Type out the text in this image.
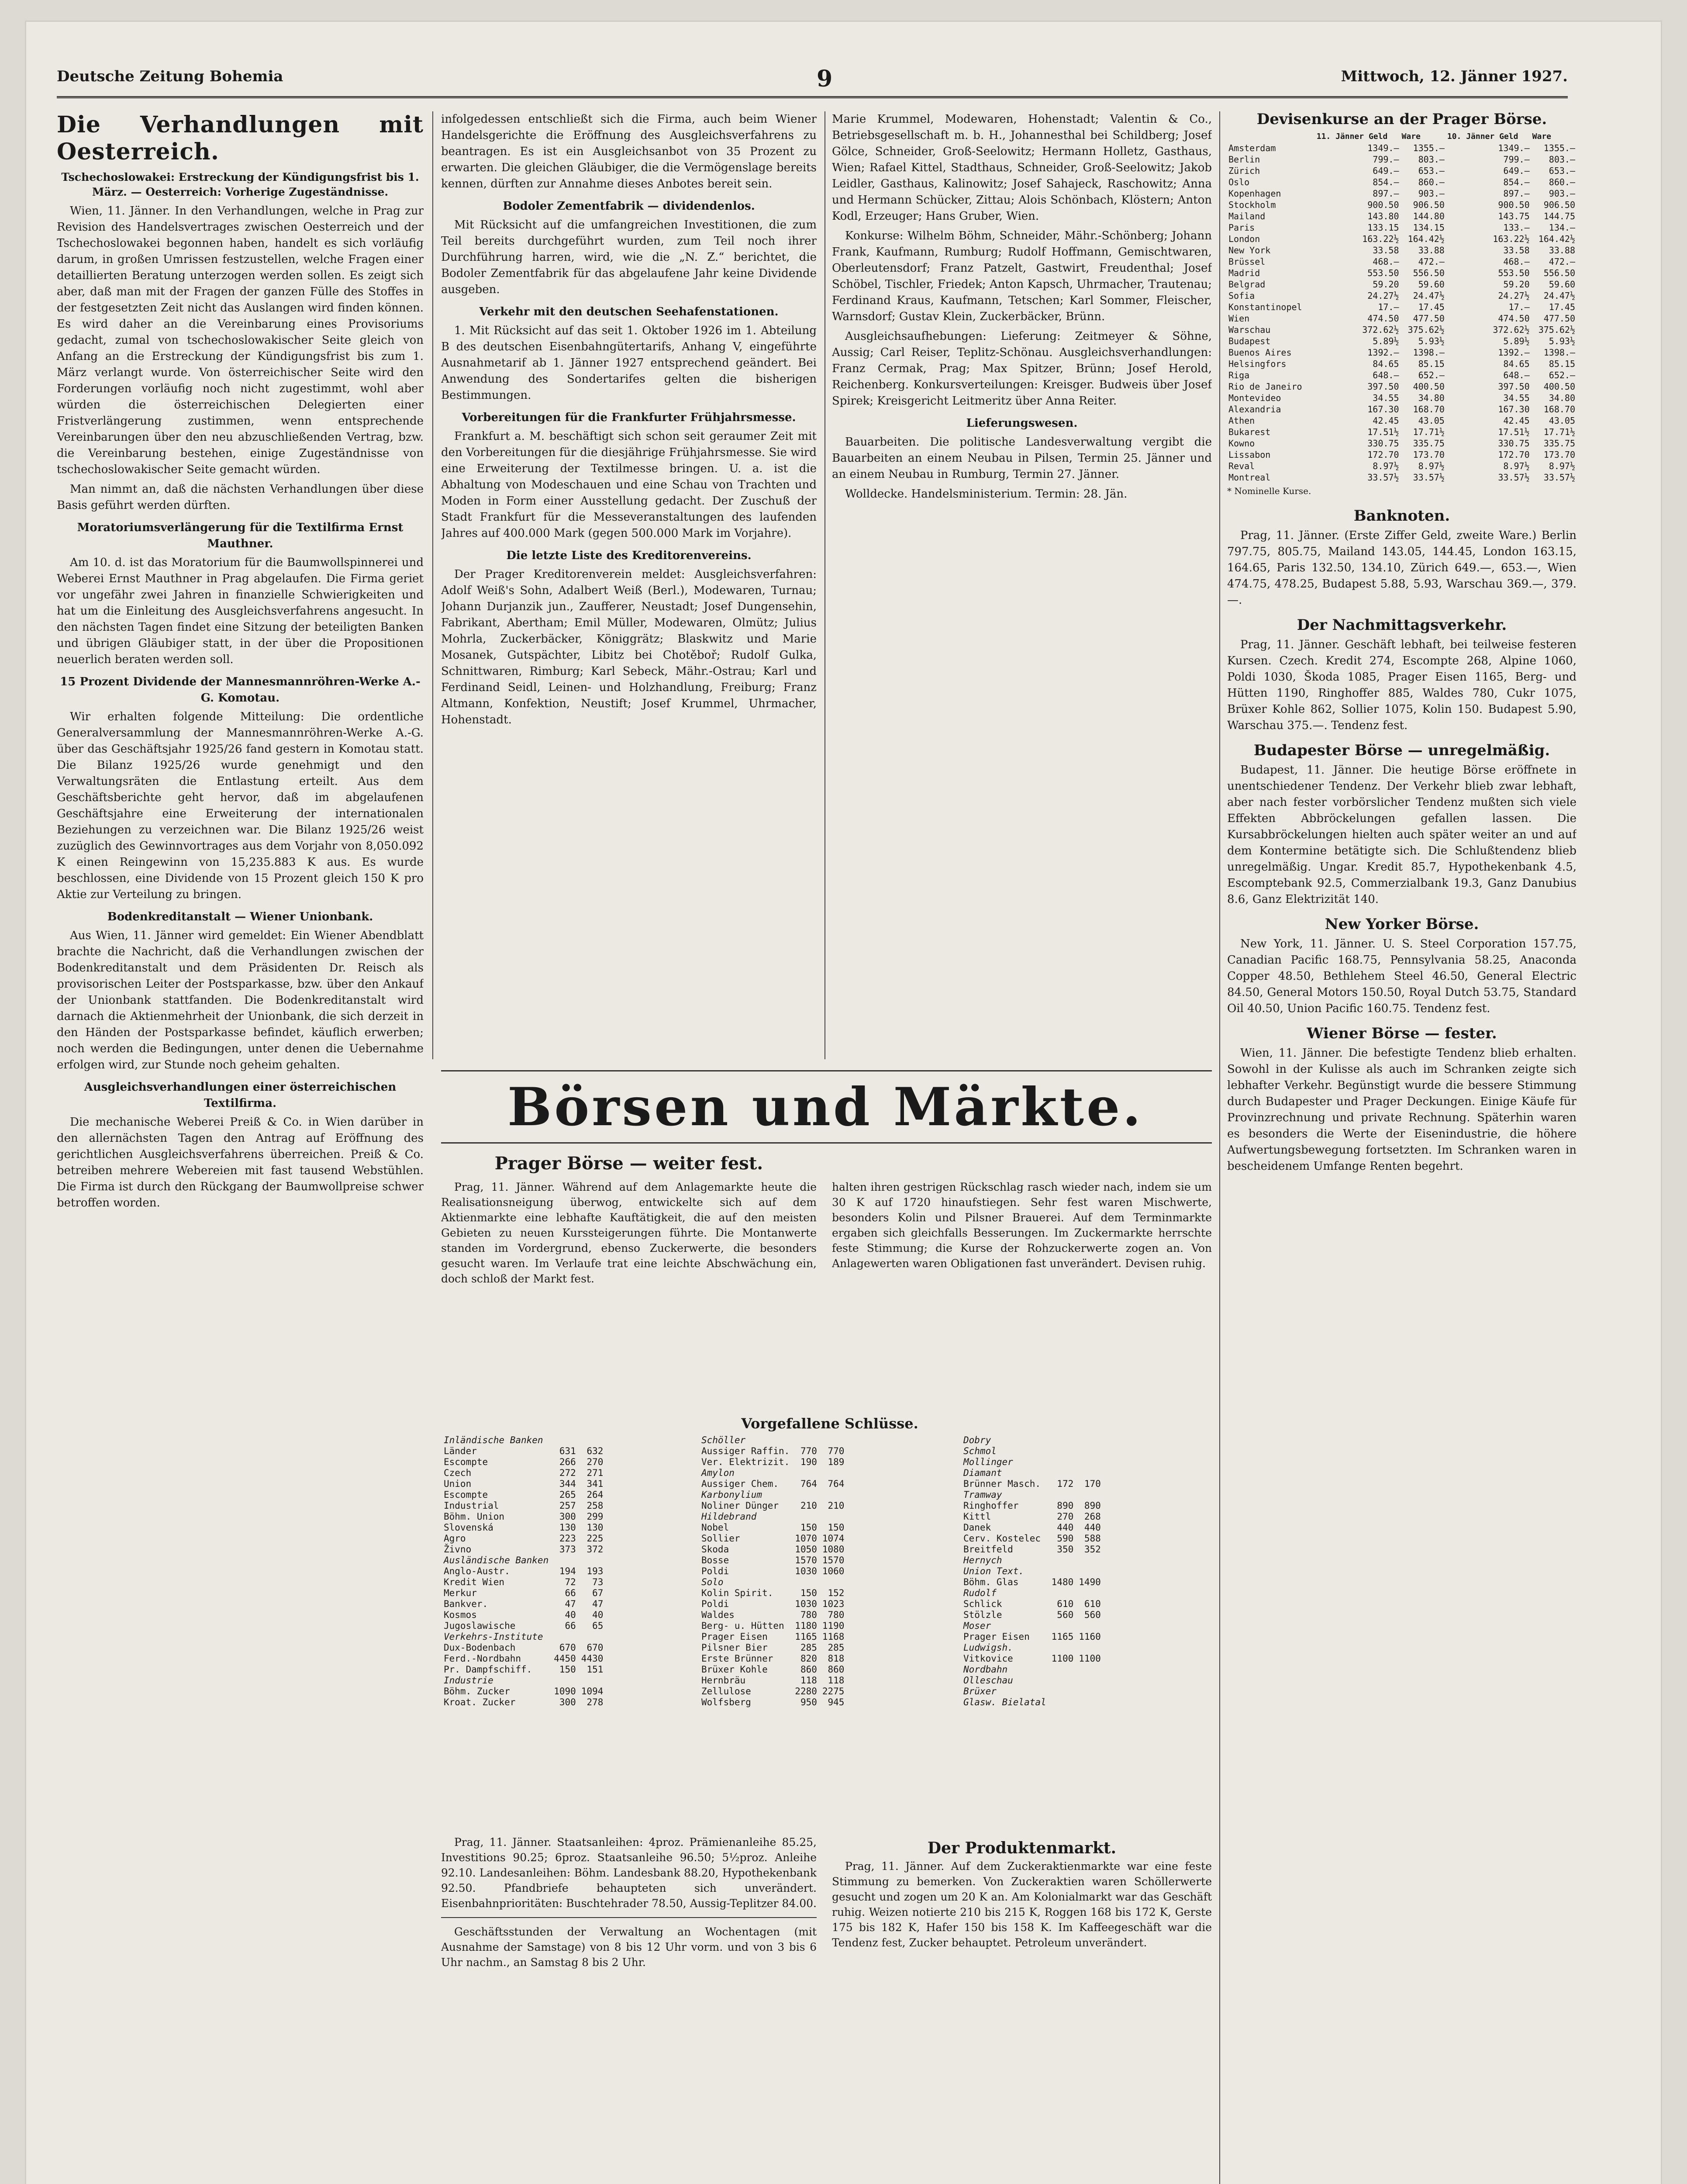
Deutsche Zeitung Bohemia	9	Mittwoch, 12. Jänner 1927.
Die Verhandlungen mit Oesterreich.
Tschechoslowakei: Erstreckung der Kündigungsfrist bis 1. März. — Oesterreich: Vorherige Zugeständnisse.

Wien, 11. Jänner. In den Verhandlungen, welche in Prag zur Revision des Handelsvertrages zwischen Oesterreich und der Tschechoslowakei begonnen haben, handelt es sich vorläufig darum, in großen Umrissen festzustellen, welche Fragen einer detaillierten Beratung unterzogen werden sollen. Es zeigt sich aber, daß man mit der Fragen der ganzen Fülle des Stoffes in der festgesetzten Zeit nicht das Auslangen wird finden können. Es wird daher an die Vereinbarung eines Provisoriums gedacht, zumal von tschechoslowakischer Seite gleich von Anfang an die Erstreckung der Kündigungsfrist bis zum 1. März verlangt wurde. Von österreichischer Seite wird den Forderungen vorläufig noch nicht zugestimmt, wohl aber würden die österreichischen Delegierten einer Fristverlängerung zustimmen, wenn entsprechende Vereinbarungen über den neu abzuschließenden Vertrag, bzw. die Vereinbarung bestehen, einige Zugeständnisse von tschechoslowakischer Seite gemacht würden.

Man nimmt an, daß die nächsten Verhandlungen über diese Basis geführt werden dürften.

Moratoriumsverlängerung für die Textilfirma Ernst Mauthner.

Am 10. d. ist das Moratorium für die Baumwollspinnerei und Weberei Ernst Mauthner in Prag abgelaufen. Die Firma geriet vor ungefähr zwei Jahren in finanzielle Schwierigkeiten und hat um die Einleitung des Ausgleichsverfahrens angesucht. In den nächsten Tagen findet eine Sitzung der beteiligten Banken und übrigen Gläubiger statt, in der über die Propositionen neuerlich beraten werden soll.

15 Prozent Dividende der Mannesmannröhren-Werke A.-G. Komotau.

Wir erhalten folgende Mitteilung: Die ordentliche Generalversammlung der Mannesmannröhren-Werke A.-G. über das Geschäftsjahr 1925/26 fand gestern in Komotau statt. Die Bilanz 1925/26 wurde genehmigt und den Verwaltungsräten die Entlastung erteilt. Aus dem Geschäftsberichte geht hervor, daß im abgelaufenen Geschäftsjahre eine Erweiterung der internationalen Beziehungen zu verzeichnen war. Die Bilanz 1925/26 weist zuzüglich des Gewinnvortrages aus dem Vorjahr von 8,050.092 K einen Reingewinn von 15,235.883 K aus. Es wurde beschlossen, eine Dividende von 15 Prozent gleich 150 K pro Aktie zur Verteilung zu bringen.

Bodenkreditanstalt — Wiener Unionbank.

Aus Wien, 11. Jänner wird gemeldet: Ein Wiener Abendblatt brachte die Nachricht, daß die Verhandlungen zwischen der Bodenkreditanstalt und dem Präsidenten Dr. Reisch als provisorischen Leiter der Postsparkasse, bzw. über den Ankauf der Unionbank stattfanden. Die Bodenkreditanstalt wird darnach die Aktienmehrheit der Unionbank, die sich derzeit in den Händen der Postsparkasse befindet, käuflich erwerben; noch werden die Bedingungen, unter denen die Uebernahme erfolgen wird, zur Stunde noch geheim gehalten.

Ausgleichsverhandlungen einer österreichischen Textilfirma.

Die mechanische Weberei Preiß & Co. in Wien darüber in den allernächsten Tagen den Antrag auf Eröffnung des gerichtlichen Ausgleichsverfahrens überreichen. Preiß & Co. betreiben mehrere Webereien mit fast tausend Webstühlen. Die Firma ist durch den Rückgang der Baumwollpreise schwer betroffen worden.

infolgedessen entschließt sich die Firma, auch beim Wiener Handelsgerichte die Eröffnung des Ausgleichsverfahrens zu beantragen. Es ist ein Ausgleichsanbot von 35 Prozent zu erwarten. Die gleichen Gläubiger, die die Vermögenslage bereits kennen, dürften zur Annahme dieses Anbotes bereit sein.

Bodoler Zementfabrik — dividendenlos.

Mit Rücksicht auf die umfangreichen Investitionen, die zum Teil bereits durchgeführt wurden, zum Teil noch ihrer Durchführung harren, wird, wie die „N. Z.“ berichtet, die Bodoler Zementfabrik für das abgelaufene Jahr keine Dividende ausgeben.

Verkehr mit den deutschen Seehafenstationen.

1. Mit Rücksicht auf das seit 1. Oktober 1926 im 1. Abteilung B des deutschen Eisenbahngütertarifs, Anhang V, eingeführte Ausnahmetarif ab 1. Jänner 1927 entsprechend geändert. Bei Anwendung des Sondertarifes gelten die bisherigen Bestimmungen.

Vorbereitungen für die Frankfurter Frühjahrsmesse.

Frankfurt a. M. beschäftigt sich schon seit geraumer Zeit mit den Vorbereitungen für die diesjährige Frühjahrsmesse. Sie wird eine Erweiterung der Textilmesse bringen. U. a. ist die Abhaltung von Modeschauen und eine Schau von Trachten und Moden in Form einer Ausstellung gedacht. Der Zuschuß der Stadt Frankfurt für die Messeveranstaltungen des laufenden Jahres auf 400.000 Mark (gegen 500.000 Mark im Vorjahre).

Die letzte Liste des Kreditorenvereins.

Der Prager Kreditorenverein meldet: Ausgleichsverfahren: Adolf Weiß's Sohn, Adalbert Weiß (Berl.), Modewaren, Turnau; Johann Durjanzik jun., Zaufferer, Neustadt; Josef Dungensehin, Fabrikant, Abertham; Emil Müller, Modewaren, Olmütz; Julius Mohrla, Zuckerbäcker, Königgrätz; Blaskwitz und Marie Mosanek, Gutspächter, Libitz bei Chotěboř; Rudolf Gulka, Schnittwaren, Rimburg; Karl Sebeck, Mähr.-Ostrau; Karl und Ferdinand Seidl, Leinen- und Holzhandlung, Freiburg; Franz Altmann, Konfektion, Neustift; Josef Krummel, Uhrmacher, Hohenstadt.

Marie Krummel, Modewaren, Hohenstadt; Valentin & Co., Betriebsgesellschaft m. b. H., Johannesthal bei Schildberg; Josef Gölce, Schneider, Groß-Seelowitz; Hermann Holletz, Gasthaus, Wien; Rafael Kittel, Stadthaus, Schneider, Groß-Seelowitz; Jakob Leidler, Gasthaus, Kalinowitz; Josef Sahajeck, Raschowitz; Anna und Hermann Schücker, Zittau; Alois Schönbach, Klöstern; Anton Kodl, Erzeuger; Hans Gruber, Wien.

Konkurse: Wilhelm Böhm, Schneider, Mähr.-Schönberg; Johann Frank, Kaufmann, Rumburg; Rudolf Hoffmann, Gemischtwaren, Oberleutensdorf; Franz Patzelt, Gastwirt, Freudenthal; Josef Schöbel, Tischler, Friedek; Anton Kapsch, Uhrmacher, Trautenau; Ferdinand Kraus, Kaufmann, Tetschen; Karl Sommer, Fleischer, Warnsdorf; Gustav Klein, Zuckerbäcker, Brünn.

Ausgleichsaufhebungen: Lieferung: Zeitmeyer & Söhne, Aussig; Carl Reiser, Teplitz-Schönau. Ausgleichsverhandlungen: Franz Cermak, Prag; Max Spitzer, Brünn; Josef Herold, Reichenberg. Konkursverteilungen: Kreisger. Budweis über Josef Spirek; Kreisgericht Leitmeritz über Anna Reiter.

Lieferungswesen.

Bauarbeiten. Die politische Landesverwaltung vergibt die Bauarbeiten an einem Neubau in Pilsen, Termin 25. Jänner und an einem Neubau in Rumburg, Termin 27. Jänner.

Wolldecke. Handelsministerium. Termin: 28. Jän.

Börsen und Märkte.
Prager Börse — weiter fest.

Prag, 11. Jänner. Während auf dem Anlagemarkte heute die Realisationsneigung überwog, entwickelte sich auf dem Aktienmarkte eine lebhafte Kauftätigkeit, die auf den meisten Gebieten zu neuen Kurssteigerungen führte. Die Montanwerte standen im Vordergrund, ebenso Zuckerwerte, die besonders gesucht waren. Im Verlaufe trat eine leichte Abschwächung ein, doch schloß der Markt fest.

halten ihren gestrigen Rückschlag rasch wieder nach, indem sie um 30 K auf 1720 hinaufstiegen. Sehr fest waren Mischwerte, besonders Kolin und Pilsner Brauerei. Auf dem Terminmarkte ergaben sich gleichfalls Besserungen. Im Zuckermarkte herrschte feste Stimmung; die Kurse der Rohzuckerwerte zogen an. Von Anlagewerten waren Obligationen fast unverändert. Devisen ruhig.

Vorgefallene Schlüsse.
Inländische Banken		
Länder	631	632
Escompte	266	270
Czech	272	271
Union	344	341
Escompte	265	264
Industrial	257	258
Böhm. Union	300	299
Slovenská	130	130
Agro	223	225
Živno	373	372
Ausländische Banken		
Anglo-Austr.	194	193
Kredit Wien	72	73
Merkur	66	67
Bankver.	47	47
Kosmos	40	40
Jugoslawische	66	65
Verkehrs-Institute		
Dux-Bodenbach	670	670
Ferd.-Nordbahn	4450	4430
Pr. Dampfschiff.	150	151
Industrie		
Böhm. Zucker	1090	1094
Kroat. Zucker	300	278
Schöller		
Aussiger Raffin.	770	770
Ver. Elektrizit.	190	189
Amylon		
Aussiger Chem.	764	764
Karbonylium		
Noliner Dünger	210	210
Hildebrand		
Nobel	150	150
Sollier	1070	1074
Skoda	1050	1080
Bosse	1570	1570
Poldi	1030	1060
Solo		
Kolin Spirit.	150	152
Poldi	1030	1023
Waldes	780	780
Berg- u. Hütten	1180	1190
Prager Eisen	1165	1168
Pilsner Bier	285	285
Erste Brünner	820	818
Brüxer Kohle	860	860
Hernbräu	118	118
Zellulose	2280	2275
Wolfsberg	950	945
Dobry		
Schmol		
Mollinger		
Diamant		
Brünner Masch.	172	170
Tramway		
Ringhoffer	890	890
Kittl	270	268
Danek	440	440
Cerv. Kostelec	590	588
Breitfeld	350	352
Hernych		
Union Text.		
Böhm. Glas	1480	1490
Rudolf		
Schlick	610	610
Stölzle	560	560
Moser		
Prager Eisen	1165	1160
Ludwigsh.		
Vitkovice	1100	1100
Nordbahn		
Olleschau		
Brüxer		
Glasw. Bielatal		

Prag, 11. Jänner. Staatsanleihen: 4proz. Prämienanleihe 85.25, Investitions 90.25; 6proz. Staatsanleihe 96.50; 5½proz. Anleihe 92.10. Landesanleihen: Böhm. Landesbank 88.20, Hypothekenbank 92.50. Pfandbriefe behaupteten sich unverändert. Eisenbahnprioritäten: Buschtehrader 78.50, Aussig-Teplitzer 84.00.

Geschäftsstunden der Verwaltung an Wochentagen (mit Ausnahme der Samstage) von 8 bis 12 Uhr vorm. und von 3 bis 6 Uhr nachm., an Samstag 8 bis 2 Uhr.

Der Produktenmarkt.

Prag, 11. Jänner. Auf dem Zuckeraktienmarkte war eine feste Stimmung zu bemerken. Von Zuckeraktien waren Schöllerwerte gesucht und zogen um 20 K an. Am Kolonialmarkt war das Geschäft ruhig. Weizen notierte 210 bis 215 K, Roggen 168 bis 172 K, Gerste 175 bis 182 K, Hafer 150 bis 158 K. Im Kaffeegeschäft war die Tendenz fest, Zucker behauptet. Petroleum unverändert.

Devisenkurse an der Prager Börse.
	11. Jänner Geld	Ware	10. Jänner Geld	Ware
Amsterdam	1349.—	1355.—	1349.—	1355.—
Berlin	799.—	803.—	799.—	803.—
Zürich	649.—	653.—	649.—	653.—
Oslo	854.—	860.—	854.—	860.—
Kopenhagen	897.—	903.—	897.—	903.—
Stockholm	900.50	906.50	900.50	906.50
Mailand	143.80	144.80	143.75	144.75
Paris	133.15	134.15	133.—	134.—
London	163.22½	164.42½	163.22½	164.42½
New York	33.58	33.88	33.58	33.88
Brüssel	468.—	472.—	468.—	472.—
Madrid	553.50	556.50	553.50	556.50
Belgrad	59.20	59.60	59.20	59.60
Sofia	24.27½	24.47½	24.27½	24.47½
Konstantinopel	17.—	17.45	17.—	17.45
Wien	474.50	477.50	474.50	477.50
Warschau	372.62½	375.62½	372.62½	375.62½
Budapest	5.89½	5.93½	5.89½	5.93½
Buenos Aires	1392.—	1398.—	1392.—	1398.—
Helsingfors	84.65	85.15	84.65	85.15
Riga	648.—	652.—	648.—	652.—
Rio de Janeiro	397.50	400.50	397.50	400.50
Montevideo	34.55	34.80	34.55	34.80
Alexandria	167.30	168.70	167.30	168.70
Athen	42.45	43.05	42.45	43.05
Bukarest	17.51½	17.71½	17.51½	17.71½
Kowno	330.75	335.75	330.75	335.75
Lissabon	172.70	173.70	172.70	173.70
Reval	8.97½	8.97½	8.97½	8.97½
Montreal	33.57½	33.57½	33.57½	33.57½
* Nominelle Kurse.
Banknoten.

Prag, 11. Jänner. (Erste Ziffer Geld, zweite Ware.) Berlin 797.75, 805.75, Mailand 143.05, 144.45, London 163.15, 164.65, Paris 132.50, 134.10, Zürich 649.—, 653.—, Wien 474.75, 478.25, Budapest 5.88, 5.93, Warschau 369.—, 379.—.

Der Nachmittagsverkehr.

Prag, 11. Jänner. Geschäft lebhaft, bei teilweise festeren Kursen. Czech. Kredit 274, Escompte 268, Alpine 1060, Poldi 1030, Škoda 1085, Prager Eisen 1165, Berg- und Hütten 1190, Ringhoffer 885, Waldes 780, Cukr 1075, Brüxer Kohle 862, Sollier 1075, Kolin 150. Budapest 5.90, Warschau 375.—. Tendenz fest.

Budapester Börse — unregelmäßig.

Budapest, 11. Jänner. Die heutige Börse eröffnete in unentschiedener Tendenz. Der Verkehr blieb zwar lebhaft, aber nach fester vorbörslicher Tendenz mußten sich viele Effekten Abbröckelungen gefallen lassen. Die Kursabbröckelungen hielten auch später weiter an und auf dem Kontermine betätigte sich. Die Schlußtendenz blieb unregelmäßig. Ungar. Kredit 85.7, Hypothekenbank 4.5, Escomptebank 92.5, Commerzialbank 19.3, Ganz Danubius 8.6, Ganz Elektrizität 140.

New Yorker Börse.

New York, 11. Jänner. U. S. Steel Corporation 157.75, Canadian Pacific 168.75, Pennsylvania 58.25, Anaconda Copper 48.50, Bethlehem Steel 46.50, General Electric 84.50, General Motors 150.50, Royal Dutch 53.75, Standard Oil 40.50, Union Pacific 160.75. Tendenz fest.

Wiener Börse — fester.

Wien, 11. Jänner. Die befestigte Tendenz blieb erhalten. Sowohl in der Kulisse als auch im Schranken zeigte sich lebhafter Verkehr. Begünstigt wurde die bessere Stimmung durch Budapester und Prager Deckungen. Einige Käufe für Provinzrechnung und private Rechnung. Späterhin waren es besonders die Werte der Eisenindustrie, die höhere Aufwertungsbewegung fortsetzten. Im Schranken waren in bescheidenem Umfange Renten begehrt.
